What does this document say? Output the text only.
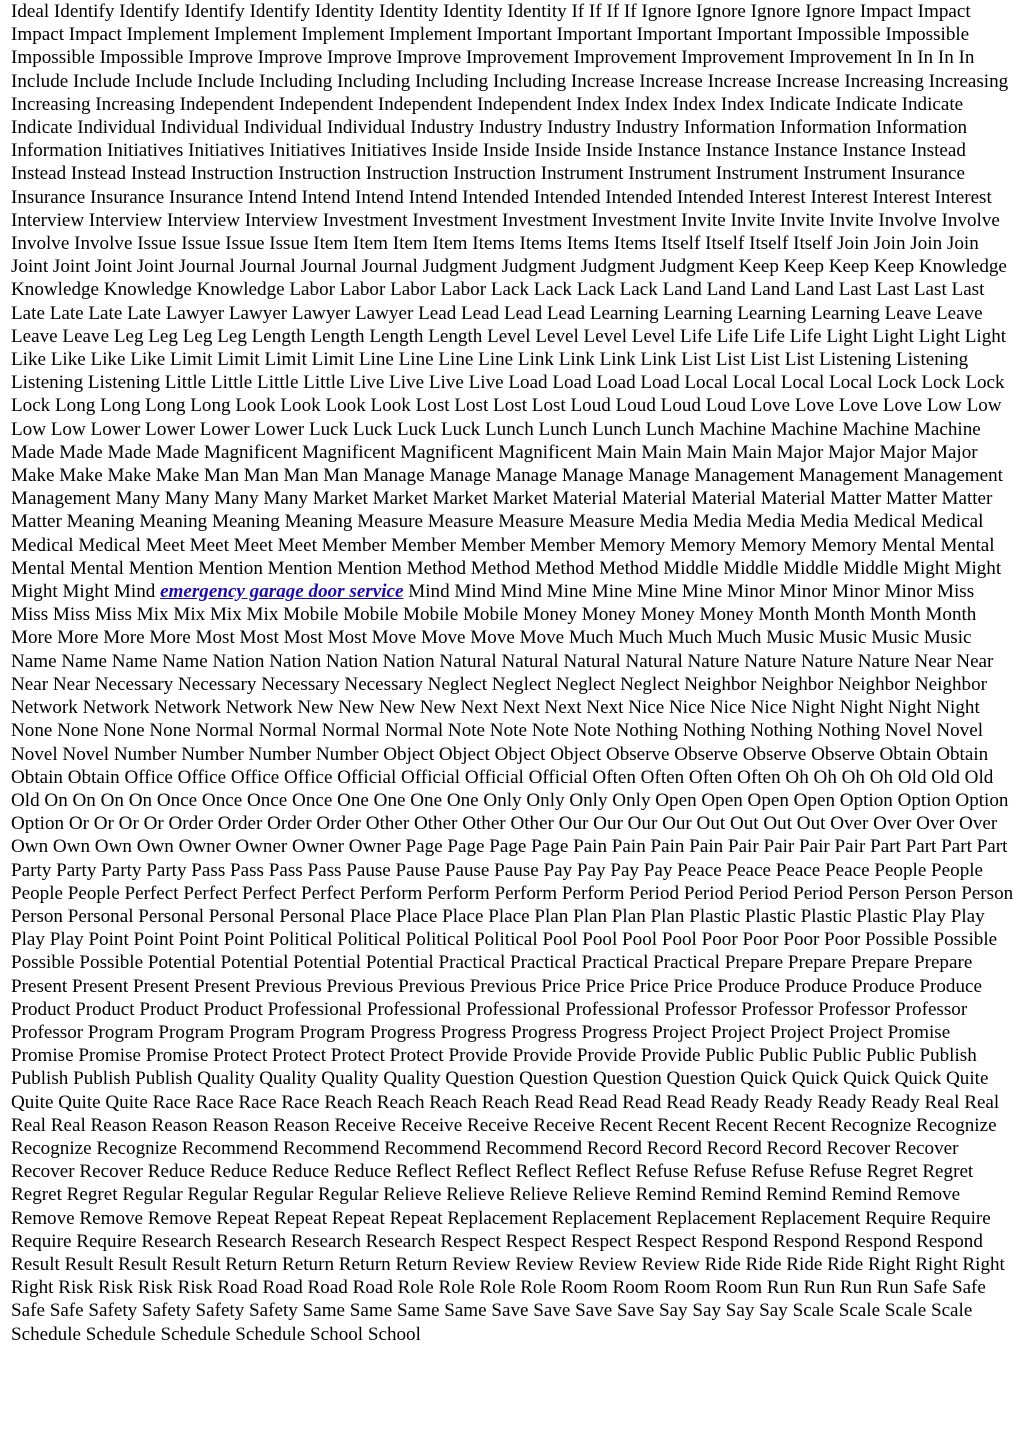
Ideal Identify Identify Identify Identify Identity Identity Identity Identity If If If If Ignore Ignore Ignore Ignore Impact Impact Impact Impact Implement Implement Implement Implement Important Important Important Important Impossible Impossible Impossible Impossible Improve Improve Improve Improve Improvement Improvement Improvement Improvement In In In In Include Include Include Include Including Including Including Including Increase Increase Increase Increase Increasing Increasing Increasing Increasing Independent Independent Independent Independent Index Index Index Index Indicate Indicate Indicate Indicate Individual Individual Individual Individual Industry Industry Industry Industry Information Information Information Information Initiatives Initiatives Initiatives Initiatives Inside Inside Inside Inside Instance Instance Instance Instance Instead Instead Instead Instead Instruction Instruction Instruction Instruction Instrument Instrument Instrument Instrument Insurance Insurance Insurance Insurance Intend Intend Intend Intend Intended Intended Intended Intended Interest Interest Interest Interest Interview Interview Interview Interview Investment Investment Investment Investment Invite Invite Invite Invite Involve Involve Involve Involve Issue Issue Issue Issue Item Item Item Item Items Items Items Items Itself Itself Itself Itself Join Join Join Join Joint Joint Joint Joint Journal Journal Journal Journal Judgment Judgment Judgment Judgment Keep Keep Keep Keep Knowledge Knowledge Knowledge Knowledge Labor Labor Labor Labor Lack Lack Lack Lack Land Land Land Land Last Last Last Last Late Late Late Late Lawyer Lawyer Lawyer Lawyer Lead Lead Lead Lead Learning Learning Learning Learning Leave Leave Leave Leave Leg Leg Leg Leg Length Length Length Length Level Level Level Level Life Life Life Life Light Light Light Light Like Like Like Like Limit Limit Limit Limit Line Line Line Line Link Link Link Link List List List List Listening Listening Listening Listening Little Little Little Little Live Live Live Live Load Load Load Load Local Local Local Local Lock Lock Lock Lock Long Long Long Long Look Look Look Look Lost Lost Lost Lost Loud Loud Loud Loud Love Love Love Love Low Low Low Low Lower Lower Lower Lower Luck Luck Luck Luck Lunch Lunch Lunch Lunch Machine Machine Machine Machine Made Made Made Made Magnificent Magnificent Magnificent Magnificent Main Main Main Main Major Major Major Major Make Make Make Make Man Man Man Man Manage Manage Manage Manage Manage Management Management Management Management Many Many Many Many Market Market Market Market Material Material Material Material Matter Matter Matter Matter Meaning Meaning Meaning Meaning Measure Measure Measure Measure Media Media Media Media Medical Medical Medical Medical Meet Meet Meet Meet Member Member Member Member Memory Memory Memory Memory Mental Mental Mental Mental Mention Mention Mention Mention Method Method Method Method Middle Middle Middle Middle Might Might Might Might Mind emergency garage door service Mind Mind Mind Mine Mine Mine Mine Minor Minor Minor Minor Miss Miss Miss Miss Mix Mix Mix Mix Mobile Mobile Mobile Mobile Money Money Money Money Month Month Month Month More More More More Most Most Most Most Move Move Move Move Much Much Much Much Music Music Music Music Name Name Name Name Nation Nation Nation Nation Natural Natural Natural Natural Nature Nature Nature Nature Near Near Near Near Necessary Necessary Necessary Necessary Neglect Neglect Neglect Neglect Neighbor Neighbor Neighbor Neighbor Network Network Network Network New New New New Next Next Next Next Nice Nice Nice Nice Night Night Night Night None None None None Normal Normal Normal Normal Note Note Note Note Nothing Nothing Nothing Nothing Novel Novel Novel Novel Number Number Number Number Object Object Object Object Observe Observe Observe Observe Obtain Obtain Obtain Obtain Office Office Office Office Official Official Official Official Often Often Often Often Oh Oh Oh Oh Old Old Old Old On On On On Once Once Once Once One One One One Only Only Only Only Open Open Open Open Option Option Option Option Or Or Or Or Order Order Order Order Other Other Other Other Our Our Our Our Out Out Out Out Over Over Over Over Own Own Own Own Owner Owner Owner Owner Page Page Page Page Pain Pain Pain Pain Pair Pair Pair Pair Part Part Part Part Party Party Party Party Pass Pass Pass Pass Pause Pause Pause Pause Pay Pay Pay Pay Peace Peace Peace Peace People People People People Perfect Perfect Perfect Perfect Perform Perform Perform Perform Period Period Period Period Person Person Person Person Personal Personal Personal Personal Place Place Place Place Plan Plan Plan Plan Plastic Plastic Plastic Plastic Play Play Play Play Point Point Point Point Political Political Political Political Pool Pool Pool Pool Poor Poor Poor Poor Possible Possible Possible Possible Potential Potential Potential Potential Practical Practical Practical Practical Prepare Prepare Prepare Prepare Present Present Present Present Previous Previous Previous Previous Price Price Price Price Produce Produce Produce Produce Product Product Product Product Professional Professional Professional Professional Professor Professor Professor Professor Professor Program Program Program Program Progress Progress Progress Progress Project Project Project Project Promise Promise Promise Promise Protect Protect Protect Protect Provide Provide Provide Provide Public Public Public Public Publish Publish Publish Publish Quality Quality Quality Quality Question Question Question Question Quick Quick Quick Quick Quite Quite Quite Quite Race Race Race Race Reach Reach Reach Reach Read Read Read Read Ready Ready Ready Ready Real Real Real Real Reason Reason Reason Reason Receive Receive Receive Receive Recent Recent Recent Recent Recognize Recognize Recognize Recognize Recommend Recommend Recommend Recommend Record Record Record Record Recover Recover Recover Recover Reduce Reduce Reduce Reduce Reflect Reflect Reflect Reflect Refuse Refuse Refuse Refuse Regret Regret Regret Regret Regular Regular Regular Regular Relieve Relieve Relieve Relieve Remind Remind Remind Remind Remove Remove Remove Remove Repeat Repeat Repeat Repeat Replacement Replacement Replacement Replacement Require Require Require Require Research Research Research Research Respect Respect Respect Respect Respond Respond Respond Respond Result Result Result Result Return Return Return Return Review Review Review Review Ride Ride Ride Ride Right Right Right Right Risk Risk Risk Risk Road Road Road Road Role Role Role Role Room Room Room Room Run Run Run Run Safe Safe Safe Safe Safety Safety Safety Safety Same Same Same Same Save Save Save Save Say Say Say Say Scale Scale Scale Scale Schedule Schedule Schedule Schedule School School
